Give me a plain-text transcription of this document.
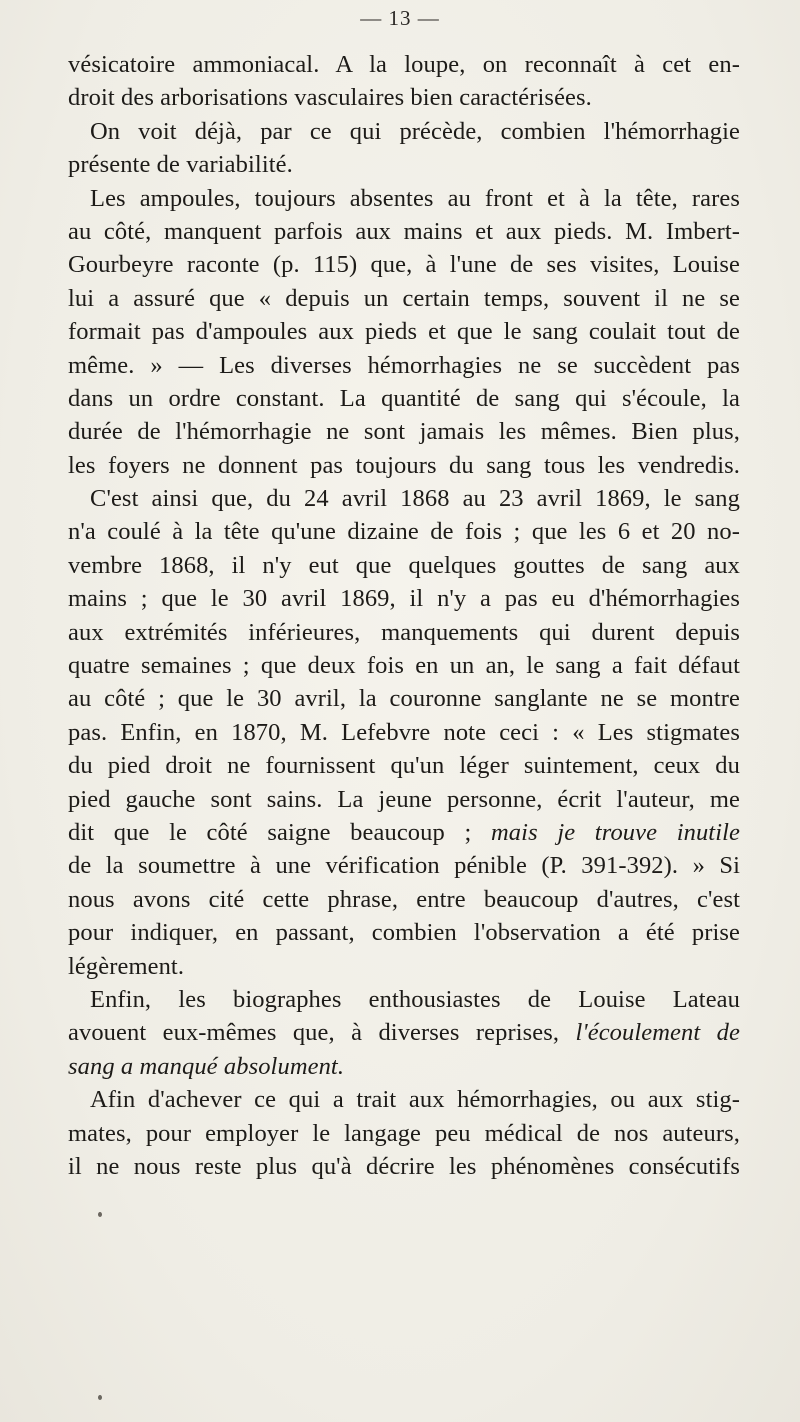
— 13 —
vésicatoire ammoniacal. A la loupe, on reconnaît à cet en-
droit des arborisations vasculaires bien caractérisées.
On voit déjà, par ce qui précède, combien l'hémorrhagie
présente de variabilité.
Les ampoules, toujours absentes au front et à la tête, rares
au côté, manquent parfois aux mains et aux pieds. M. Imbert-
Gourbeyre raconte (p. 115) que, à l'une de ses visites, Louise
lui a assuré que « depuis un certain temps, souvent il ne se
formait pas d'ampoules aux pieds et que le sang coulait tout de
même. » — Les diverses hémorrhagies ne se succèdent pas
dans un ordre constant. La quantité de sang qui s'écoule, la
durée de l'hémorrhagie ne sont jamais les mêmes. Bien plus,
les foyers ne donnent pas toujours du sang tous les vendredis.
C'est ainsi que, du 24 avril 1868 au 23 avril 1869, le sang
n'a coulé à la tête qu'une dizaine de fois ; que les 6 et 20 no-
vembre 1868, il n'y eut que quelques gouttes de sang aux
mains ; que le 30 avril 1869, il n'y a pas eu d'hémorrhagies
aux extrémités inférieures, manquements qui durent depuis
quatre semaines ; que deux fois en un an, le sang a fait défaut
au côté ; que le 30 avril, la couronne sanglante ne se montre
pas. Enfin, en 1870, M. Lefebvre note ceci : « Les stigmates
du pied droit ne fournissent qu'un léger suintement, ceux du
pied gauche sont sains. La jeune personne, écrit l'auteur, me
dit que le côté saigne beaucoup ; mais je trouve inutile
de la soumettre à une vérification pénible (P. 391-392). » Si
nous avons cité cette phrase, entre beaucoup d'autres, c'est
pour indiquer, en passant, combien l'observation a été prise
légèrement.
Enfin, les biographes enthousiastes de Louise Lateau
avouent eux-mêmes que, à diverses reprises, l'écoulement de
sang a manqué absolument.
Afin d'achever ce qui a trait aux hémorrhagies, ou aux stig-
mates, pour employer le langage peu médical de nos auteurs,
il ne nous reste plus qu'à décrire les phénomènes consécutifs
